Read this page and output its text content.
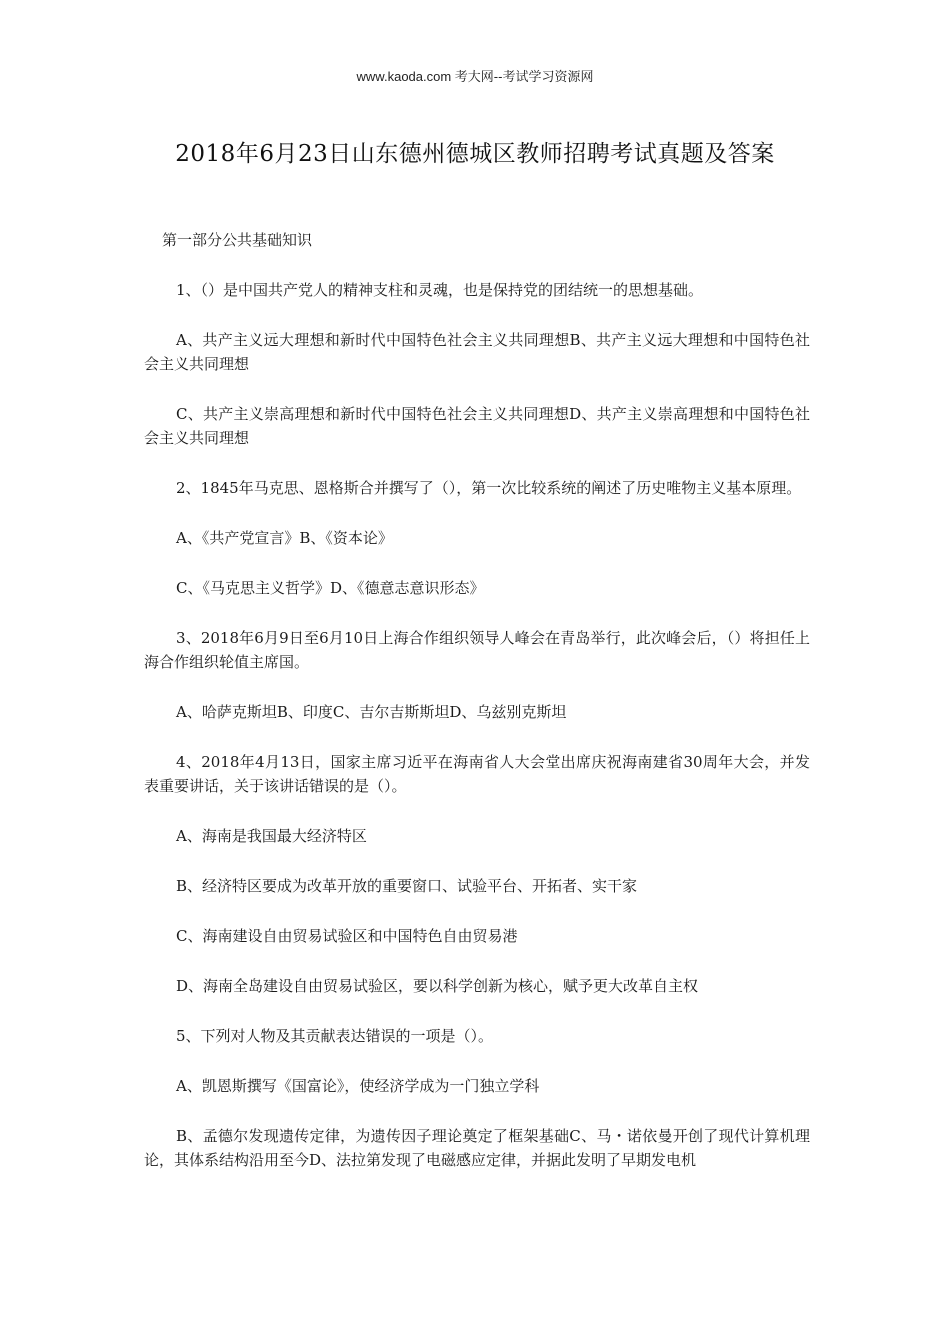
www.kaoda.com 考大网--考试学习资源网
2018年6月23日山东德州德城区教师招聘考试真题及答案

第一部分公共基础知识

1、（）是中国共产党人的精神支柱和灵魂，也是保持党的团结统一的思想基础。

A、共产主义远大理想和新时代中国特色社会主义共同理想B、共产主义远大理想和中国特色社会主义共同理想

C、共产主义崇高理想和新时代中国特色社会主义共同理想D、共产主义崇高理想和中国特色社会主义共同理想

2、1845年马克思、恩格斯合并撰写了（），第一次比较系统的阐述了历史唯物主义基本原理。

A、《共产党宣言》B、《资本论》

C、《马克思主义哲学》D、《德意志意识形态》

3、2018年6月9日至6月10日上海合作组织领导人峰会在青岛举行，此次峰会后，（）将担任上海合作组织轮值主席国。

A、哈萨克斯坦B、印度C、吉尔吉斯斯坦D、乌兹别克斯坦

4、2018年4月13日，国家主席习近平在海南省人大会堂出席庆祝海南建省30周年大会，并发表重要讲话，关于该讲话错误的是（）。

A、海南是我国最大经济特区

B、经济特区要成为改革开放的重要窗口、试验平台、开拓者、实干家

C、海南建设自由贸易试验区和中国特色自由贸易港

D、海南全岛建设自由贸易试验区，要以科学创新为核心，赋予更大改革自主权

5、下列对人物及其贡献表达错误的一项是（）。

A、凯恩斯撰写《国富论》，使经济学成为一门独立学科

B、孟德尔发现遗传定律，为遗传因子理论奠定了框架基础C、马・诺依曼开创了现代计算机理论，其体系结构沿用至今D、法拉第发现了电磁感应定律，并据此发明了早期发电机
